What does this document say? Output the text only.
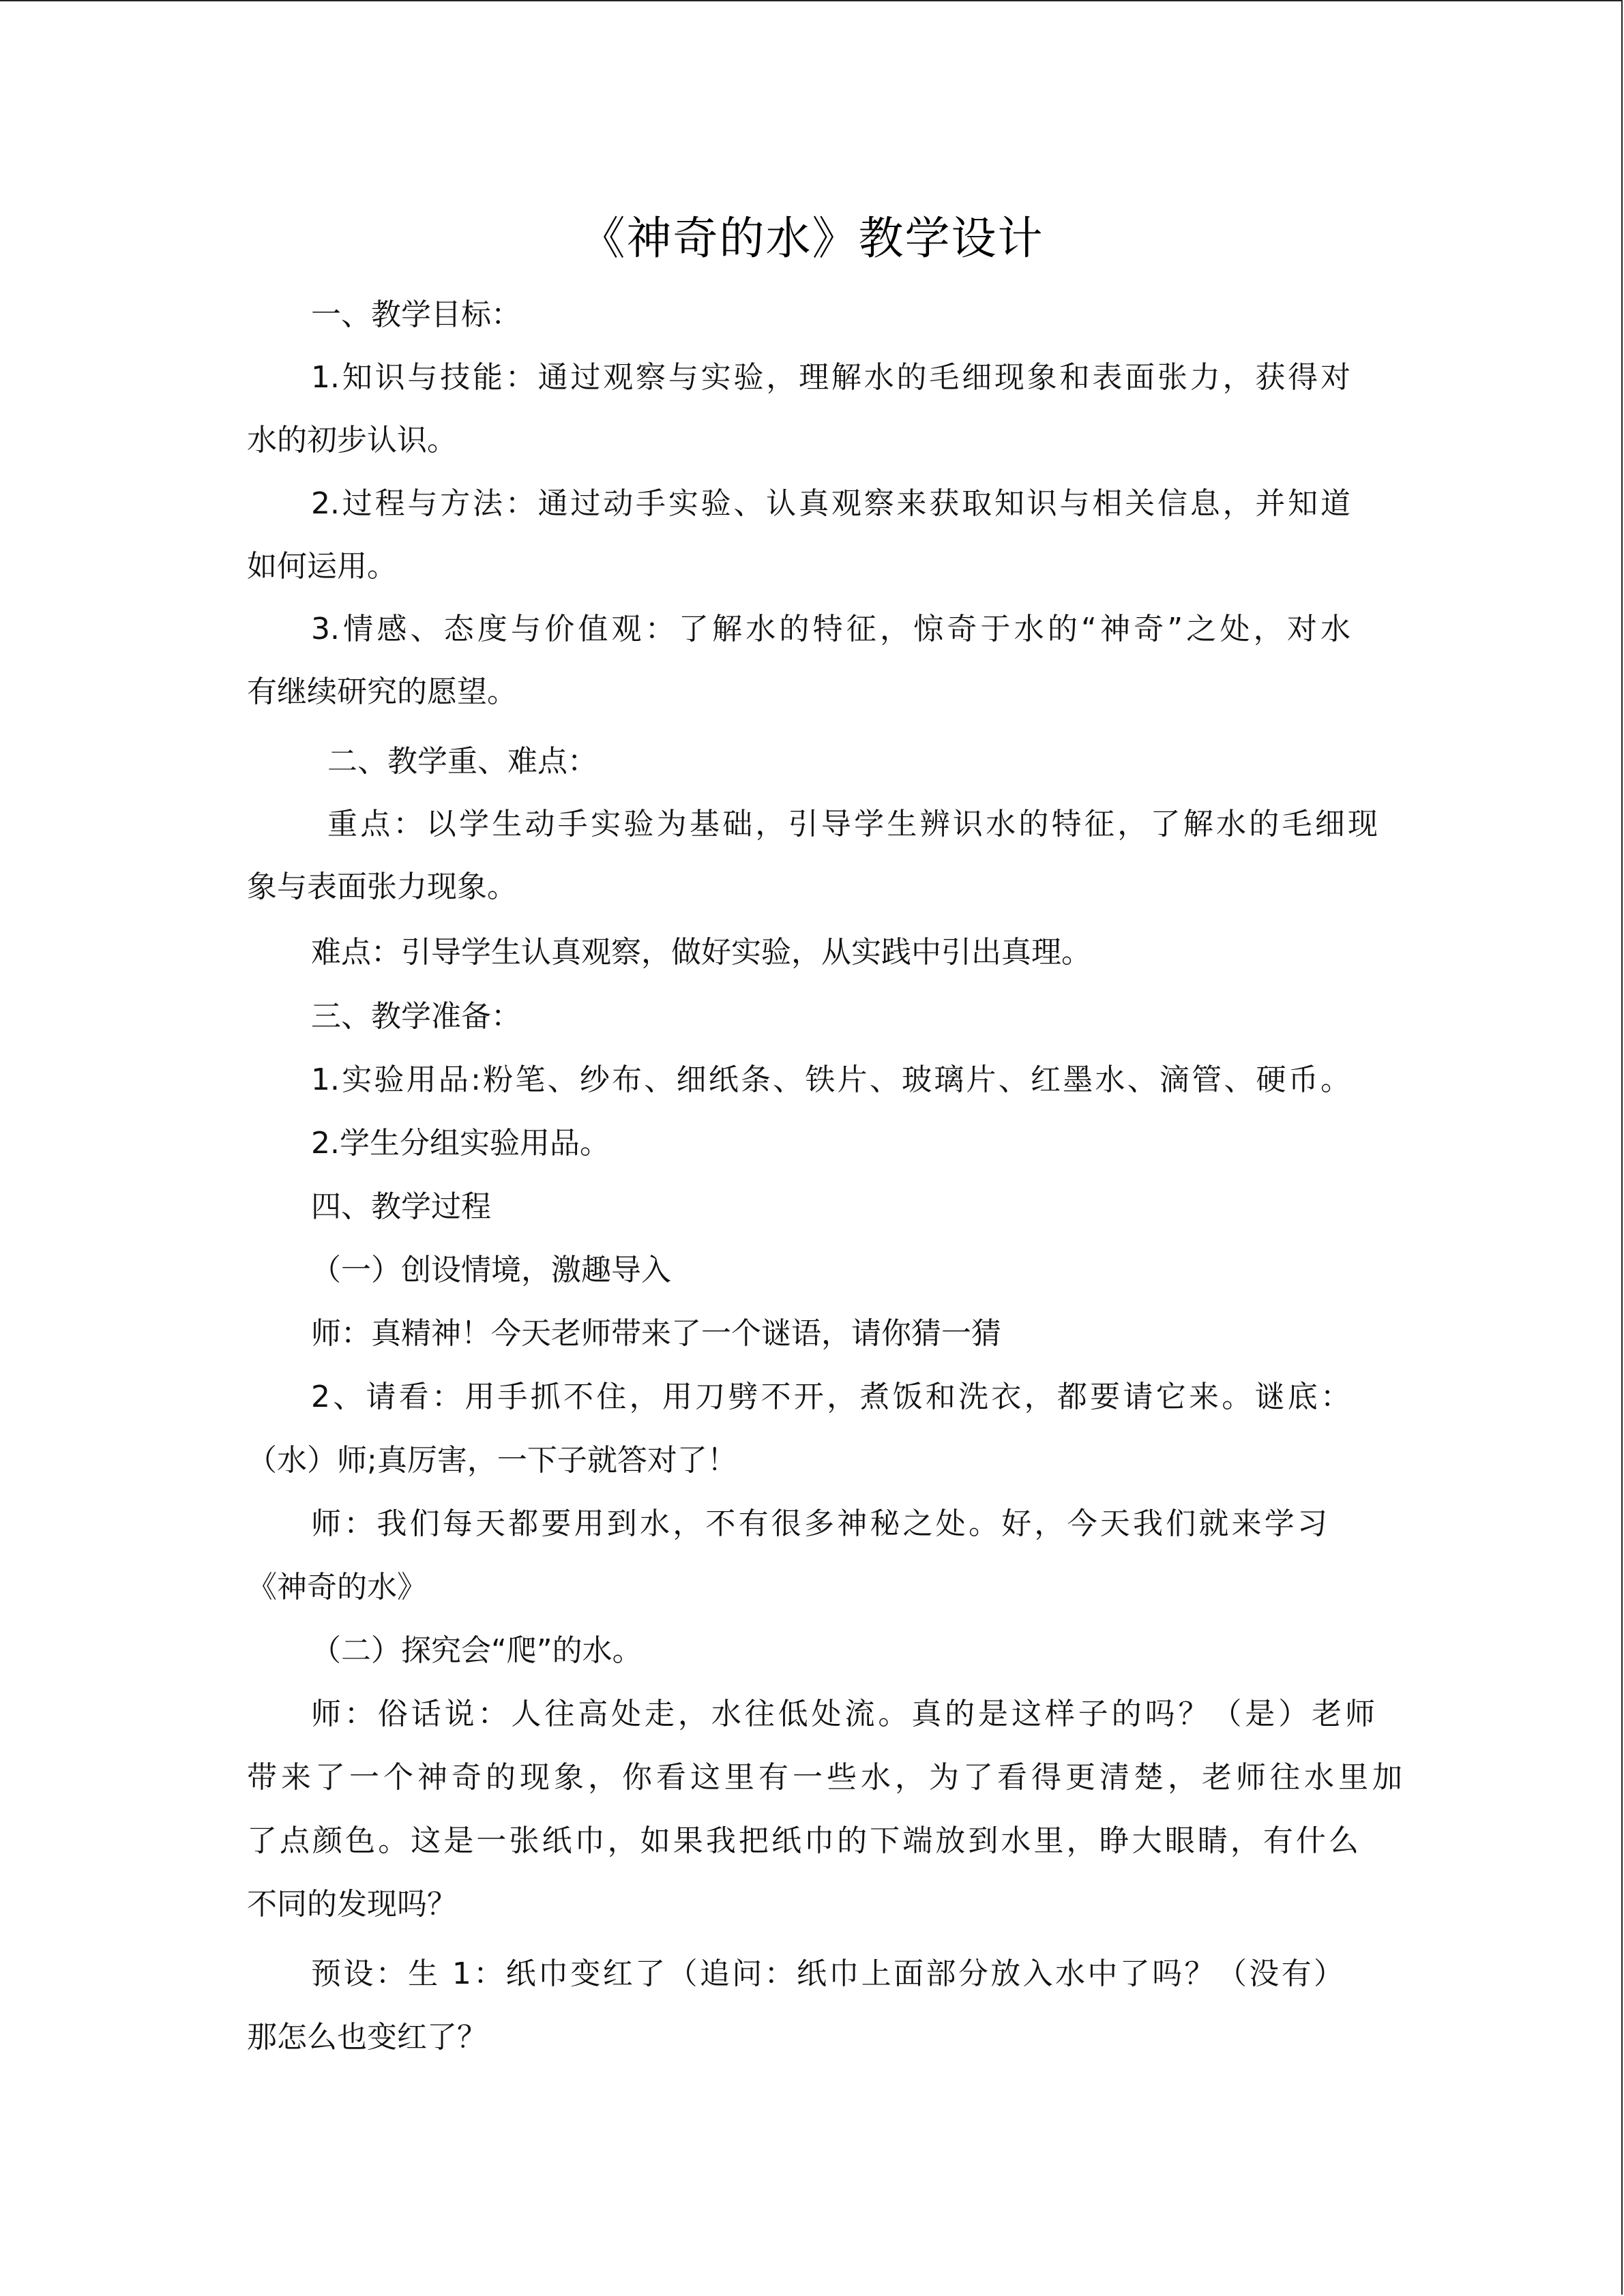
《神奇的水》教学设计
一、教学目标：
1.知识与技能：通过观察与实验，理解水的毛细现象和表面张力，获得对
水的初步认识。
2.过程与方法：通过动手实验、认真观察来获取知识与相关信息，并知道
如何运用。
3.情感、态度与价值观：了解水的特征，惊奇于水的“神奇”之处，对水
有继续研究的愿望。
二、教学重、难点：
重点：以学生动手实验为基础，引导学生辨识水的特征，了解水的毛细现
象与表面张力现象。
难点：引导学生认真观察，做好实验，从实践中引出真理。
三、教学准备：
1.实验用品:粉笔、纱布、细纸条、铁片、玻璃片、红墨水、滴管、硬币。
2.学生分组实验用品。
四、教学过程
（一）创设情境，激趣导入
师：真精神！今天老师带来了一个谜语，请你猜一猜
2、请看：用手抓不住，用刀劈不开，煮饭和洗衣，都要请它来。谜底：
（水）师;真厉害，一下子就答对了！
师：我们每天都要用到水，不有很多神秘之处。好，今天我们就来学习
《神奇的水》
（二）探究会“爬”的水。
师：俗话说：人往高处走，水往低处流。真的是这样子的吗？（是）老师
带来了一个神奇的现象，你看这里有一些水，为了看得更清楚，老师往水里加
了点颜色。这是一张纸巾，如果我把纸巾的下端放到水里，睁大眼睛，有什么
不同的发现吗？
预设：生 1：纸巾变红了（追问：纸巾上面部分放入水中了吗？（没有）
那怎么也变红了？
